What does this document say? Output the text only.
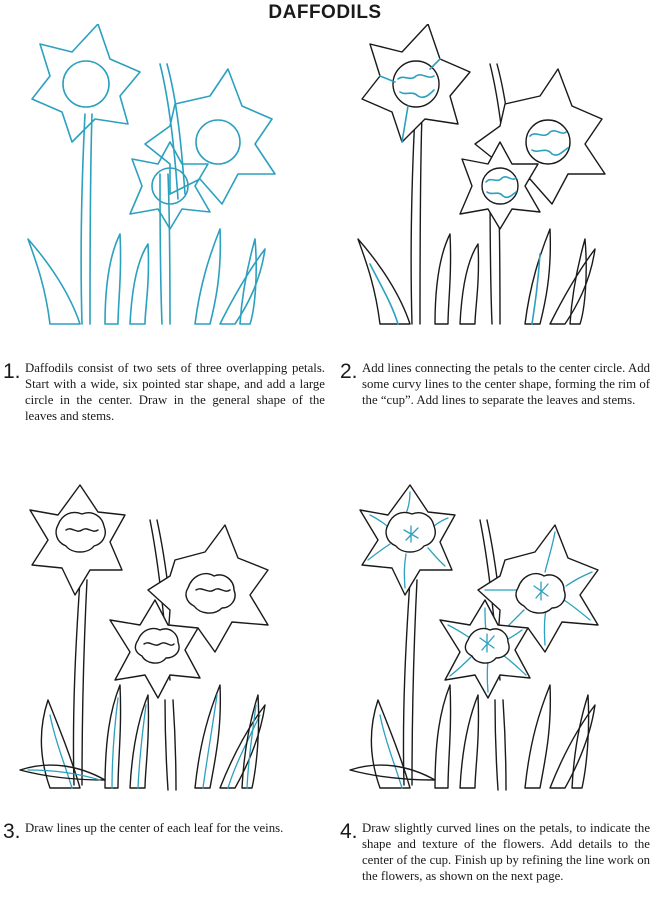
DAFFODILS
1. Daffodils consist of two sets of three overlapping petals. Start with a wide, six pointed star shape, and add a large circle in the center. Draw in the general shape of the leaves and stems.
2. Add lines connecting the petals to the center circle. Add some curvy lines to the center shape, forming the rim of the “cup”. Add lines to separate the leaves and stems.
3. Draw lines up the center of each leaf for the veins.	4. Draw slightly curved lines on the petals, to indicate the shape and texture of the flowers. Add details to the center of the cup. Finish up by refining the line work on the flowers, as shown on the next page.
